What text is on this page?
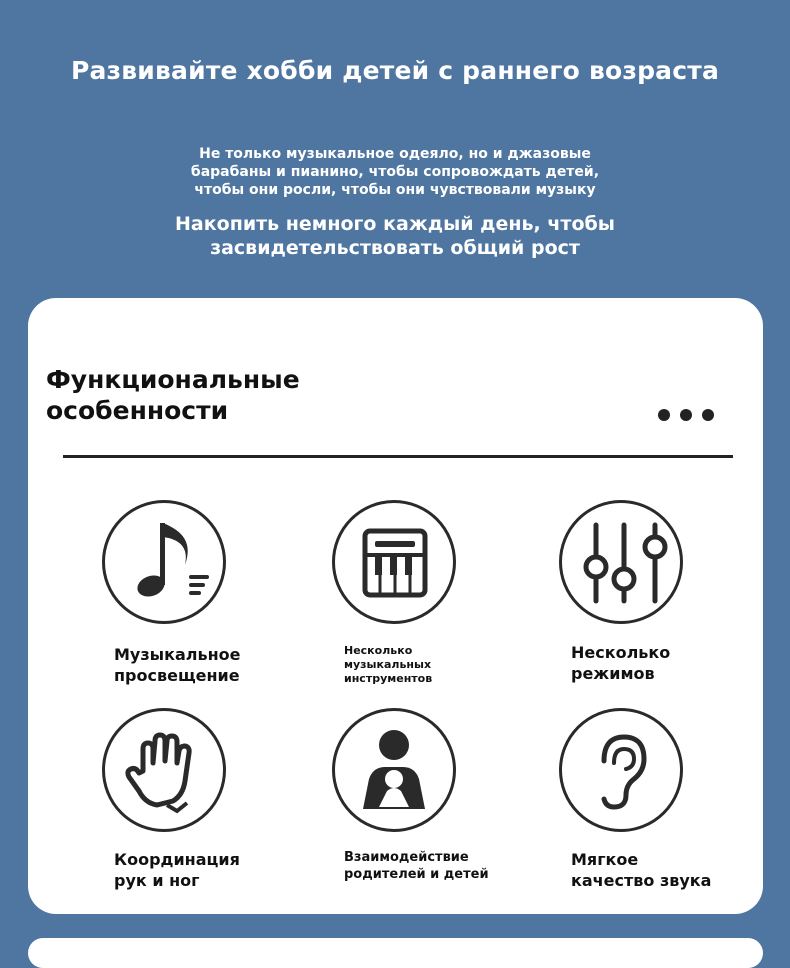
Развивайте хобби детей с раннего возраста
Не только музыкальное одеяло, но и джазовые
барабаны и пианино, чтобы сопровождать детей,
чтобы они росли, чтобы они чувствовали музыку
Накопить немного каждый день, чтобы
засвидетельствовать общий рост
Функциональные
особенности
Музыкальное
просвещение
Несколько
музыкальных
инструментов
Несколько
режимов
Координация
рук и ног
Взаимодействие
родителей и детей
Мягкое
качество звука
